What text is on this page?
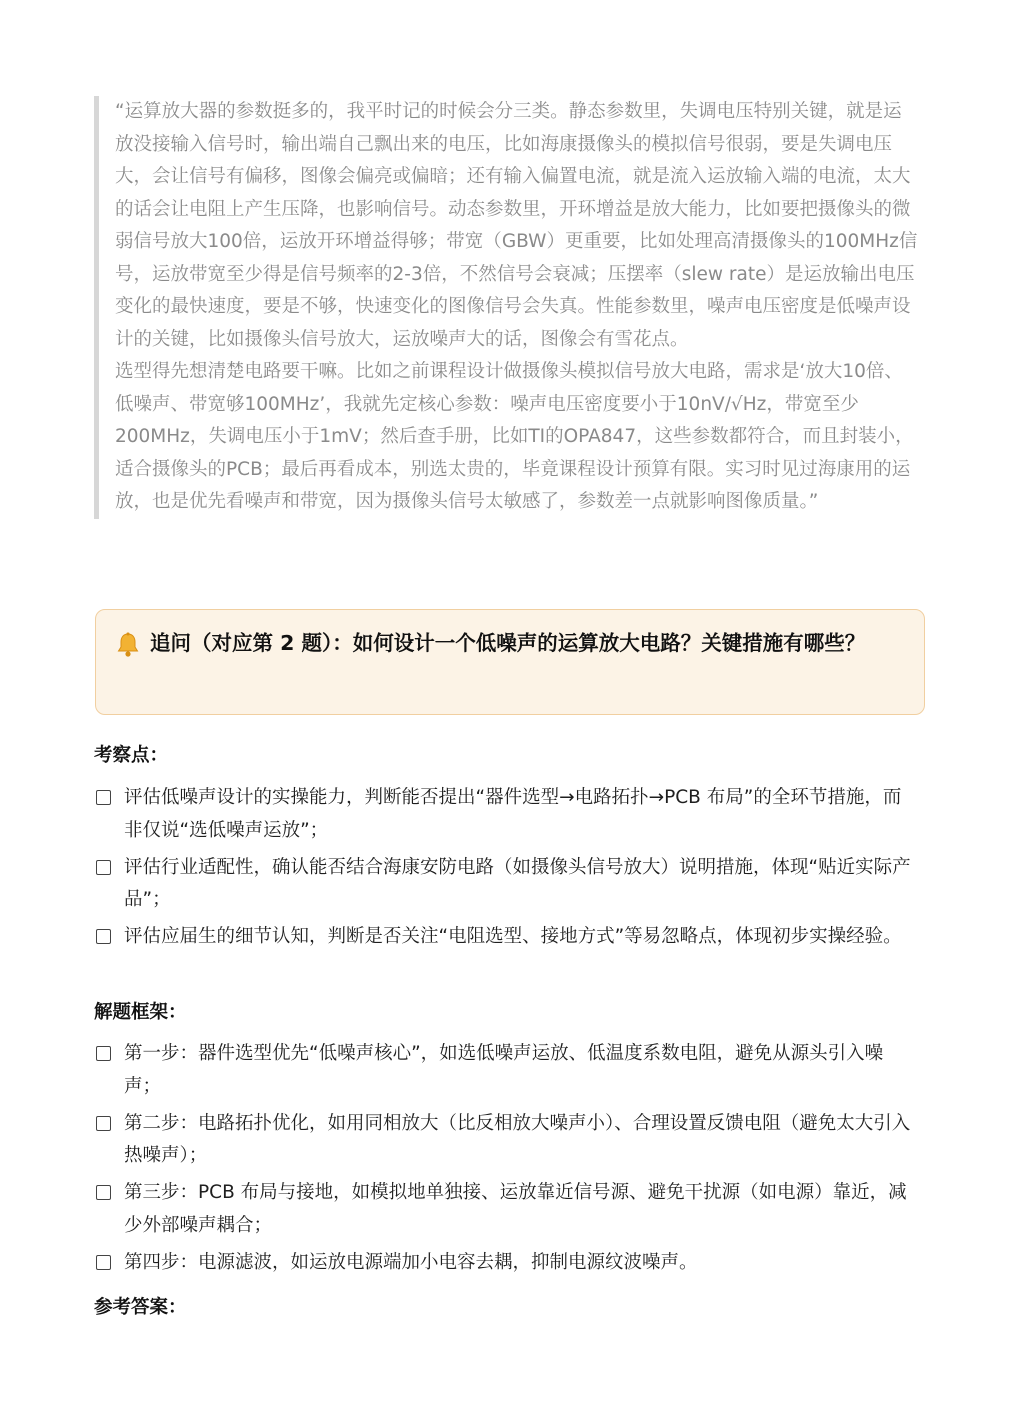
“运算放大器的参数挺多的，我平时记的时候会分三类。静态参数里，失调电压特别关键，就是运放没接输入信号时，输出端自己飘出来的电压，比如海康摄像头的模拟信号很弱，要是失调电压大，会让信号有偏移，图像会偏亮或偏暗；还有输入偏置电流，就是流入运放输入端的电流，太大的话会让电阻上产生压降，也影响信号。动态参数里，开环增益是放大能力，比如要把摄像头的微弱信号放大100倍，运放开环增益得够；带宽（GBW）更重要，比如处理高清摄像头的100MHz信号，运放带宽至少得是信号频率的2-3倍，不然信号会衰减；压摆率（slew rate）是运放输出电压变化的最快速度，要是不够，快速变化的图像信号会失真。性能参数里，噪声电压密度是低噪声设计的关键，比如摄像头信号放大，运放噪声大的话，图像会有雪花点。

选型得先想清楚电路要干嘛。比如之前课程设计做摄像头模拟信号放大电路，需求是‘放大10倍、低噪声、带宽够100MHz’，我就先定核心参数：噪声电压密度要小于10nV/√Hz，带宽至少200MHz，失调电压小于1mV；然后查手册，比如TI的OPA847，这些参数都符合，而且封装小，适合摄像头的PCB；最后再看成本，别选太贵的，毕竟课程设计预算有限。实习时见过海康用的运放，也是优先看噪声和带宽，因为摄像头信号太敏感了，参数差一点就影响图像质量。”

追问（对应第 2 题）：如何设计一个低噪声的运算放大电路？关键措施有哪些？
考察点：
评估低噪声设计的实操能力，判断能否提出“器件选型→电路拓扑→PCB 布局”的全环节措施，而非仅说“选低噪声运放”；
评估行业适配性，确认能否结合海康安防电路（如摄像头信号放大）说明措施，体现“贴近实际产品”；
评估应届生的细节认知，判断是否关注“电阻选型、接地方式”等易忽略点，体现初步实操经验。
解题框架：
第一步：器件选型优先“低噪声核心”，如选低噪声运放、低温度系数电阻，避免从源头引入噪声；
第二步：电路拓扑优化，如用同相放大（比反相放大噪声小）、合理设置反馈电阻（避免太大引入热噪声）；
第三步：PCB 布局与接地，如模拟地单独接、运放靠近信号源、避免干扰源（如电源）靠近，减少外部噪声耦合；
第四步：电源滤波，如运放电源端加小电容去耦，抑制电源纹波噪声。
参考答案：
